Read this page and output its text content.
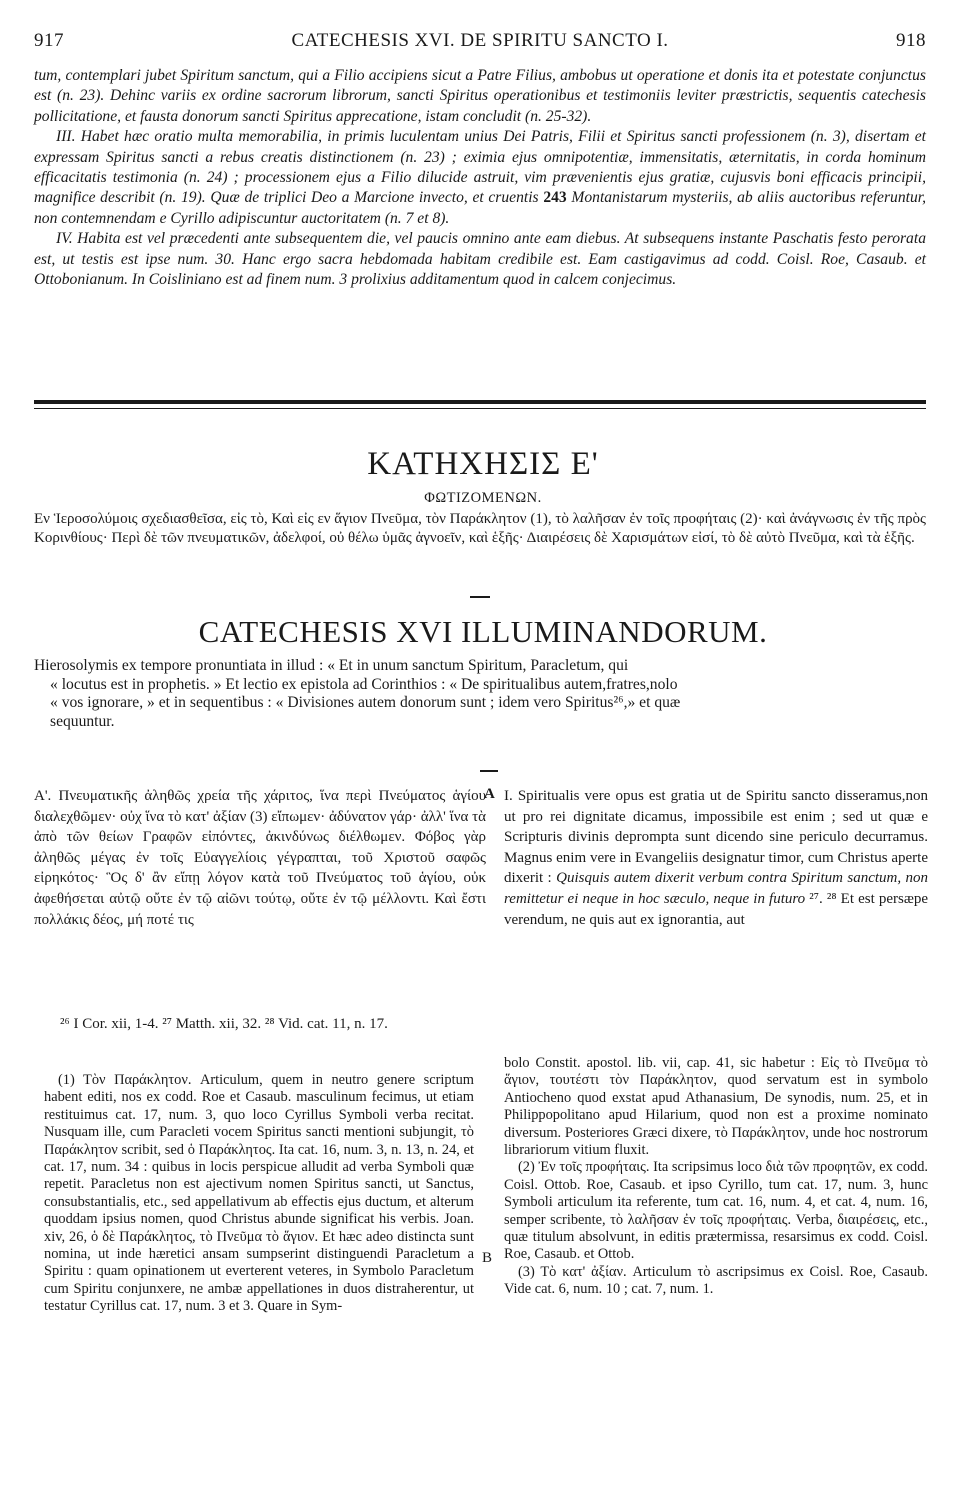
917	CATECHESIS XVI. DE SPIRITU SANCTO I.	918

tum, contemplari jubet Spiritum sanctum, qui a Filio accipiens sicut a Patre Filius, ambobus ut operatione et donis ita et potestate conjunctus est (n. 23). Dehinc variis ex ordine sacrorum librorum, sancti Spiritus operationibus et testimoniis leviter præstrictis, sequentis catechesis pollicitatione, et fausta donorum sancti Spiritus apprecatione, istam concludit (n. 25-32).

III. Habet hæc oratio multa memorabilia, in primis luculentam unius Dei Patris, Filii et Spiritus sancti professionem (n. 3), disertam et expressam Spiritus sancti a rebus creatis distinctionem (n. 23) ; eximia ejus omnipotentiæ, immensitatis, æternitatis, in corda hominum efficacitatis testimonia (n. 24) ; processionem ejus a Filio dilucide astruit, vim prævenientis ejus gratiæ, cujusvis boni efficacis principii, magnifice describit (n. 19). Quæ de triplici Deo a Marcione invecto, et cruentis 243 Montanistarum mysteriis, ab aliis auctoribus referuntur, non contemnendam e Cyrillo adipiscuntur auctoritatem (n. 7 et 8).

IV. Habita est vel præcedenti ante subsequentem die, vel paucis omnino ante eam diebus. At subsequens instante Paschatis festo perorata est, ut testis est ipse num. 30. Hanc ergo sacra hebdomada habitam credibile est. Eam castigavimus ad codd. Coisl. Roe, Casaub. et Ottobonianum. In Coisliniano est ad finem num. 3 prolixius additamentum quod in calcem conjecimus.

ΚΑΤΗΧΗΣΙΣ Ε'
ΦΩΤΙΖΟΜΕΝΩΝ.
Εν Ἱεροσολύμοις σχεδιασθεῖσα, εἰς τὸ, Καὶ εἰς εν ἅγιον Πνεῦμα, τὸν Παράκλητον (1), τὸ λαλῆσαν ἐν τοῖς προφήταις (2)· καὶ ἀνάγνωσις ἐν τῆς πρὸς Κορινθίους· Περὶ δὲ τῶν πνευματικῶν, ἀδελφοί, οὐ θέλω ὑμᾶς ἀγνοεῖν, καὶ ἑξῆς· Διαιρέσεις δὲ Χαρισμάτων εἰσί, τὸ δὲ αὐτὸ Πνεῦμα, καὶ τὰ ἑξῆς.
CATECHESIS XVI ILLUMINANDORUM.
Hierosolymis ex tempore pronuntiata in illud : « Et in unum sanctum Spiritum, Paracletum, qui
« locutus est in prophetis. » Et lectio ex epistola ad Corinthios : « De spiritualibus autem,fratres,nolo
« vos ignorare, » et in sequentibus : « Divisiones autem donorum sunt ; idem vero Spiritus²⁶,» et quæ
sequuntur.
Α'. Πνευματικῆς ἀληθῶς χρεία τῆς χάριτος, ἵνα περὶ Πνεύματος ἁγίου διαλεχθῶμεν· οὐχ ἵνα τὸ κατ' ἀξίαν (3) εἴπωμεν· ἀδύνατον γάρ· ἀλλ' ἵνα τὰ ἀπὸ τῶν θείων Γραφῶν εἰπόντες, ἀκινδύνως διέλθωμεν. Φόβος γὰρ ἀληθῶς μέγας ἐν τοῖς Εὐαγγελίοις γέγραπται, τοῦ Χριστοῦ σαφῶς εἰρηκότος· Ὃς δ' ἂν εἴπῃ λόγον κατὰ τοῦ Πνεύματος τοῦ ἁγίου, οὐκ ἀφεθήσεται αὐτῷ οὔτε ἐν τῷ αἰῶνι τούτῳ, οὔτε ἐν τῷ μέλλοντι. Καὶ ἔστι πολλάκις δέος, μή ποτέ τις
A I. Spiritualis vere opus est gratia ut de Spiritu sancto disseramus,non ut pro rei dignitate dicamus, impossibile est enim ; sed ut quæ e Scripturis divinis deprompta sunt dicendo sine periculo decurramus. Magnus enim vere in Evangeliis designatur timor, cum Christus aperte dixerit : Quisquis autem dixerit verbum contra Spiritum sanctum, non remittetur ei neque in hoc sæculo, neque in futuro ²⁷. ²⁸ Et est persæpe verendum, ne quis aut ex ignorantia, aut
²⁶ I Cor. xii, 1-4. ²⁷ Matth. xii, 32. ²⁸ Vid. cat. 11, n. 17.

(1) Τὸν Παράκλητον. Articulum, quem in neutro genere scriptum habent editi, nos ex codd. Roe et Casaub. masculinum fecimus, ut etiam restituimus cat. 17, num. 3, quo loco Cyrillus Symboli verba recitat. Nusquam ille, cum Paracleti vocem Spiritus sancti mentioni subjungit, τὸ Παράκλητον scribit, sed ὁ Παράκλητος. Ita cat. 16, num. 3, n. 13, n. 24, et cat. 17, num. 34 : quibus in locis perspicue alludit ad verba Symboli quæ repetit. Paracletus non est ajectivum nomen Spiritus sancti, ut Sanctus, consubstantialis, etc., sed appellativum ab effectis ejus ductum, et alterum quoddam ipsius nomen, quod Christus abunde significat his verbis. Joan. xiv, 26, ὁ δὲ Παράκλητος, τὸ Πνεῦμα τὸ ἅγιον. Et hæc adeo distincta sunt nomina, ut inde hæretici ansam sumpserint distinguendi Paracletum a Spiritu : quam opinationem ut everterent veteres, in Symbolo Paracletum cum Spiritu conjunxere, ne ambæ appellationes in duos distraherentur, ut testatur Cyrillus cat. 17, num. 3 et 3. Quare in Sym-

B

bolo Constit. apostol. lib. vii, cap. 41, sic habetur : Εἰς τὸ Πνεῦμα τὸ ἅγιον, τουτέστι τὸν Παράκλητον, quod servatum est in symbolo Antiocheno quod exstat apud Athanasium, De synodis, num. 25, et in Philippopolitano apud Hilarium, quod non est a proxime nominato diversum. Posteriores Græci dixere, τὸ Παράκλητον, unde hoc nostrorum librariorum vitium fluxit.

(2) Ἐν τοῖς προφήταις. Ita scripsimus loco διὰ τῶν προφητῶν, ex codd. Coisl. Ottob. Roe, Casaub. et ipso Cyrillo, tum cat. 17, num. 3, hunc Symboli articulum ita referente, tum cat. 16, num. 4, et cat. 4, num. 16, semper scribente, τὸ λαλῆσαν ἐν τοῖς προφήταις. Verba, διαιρέσεις, etc., quæ titulum absolvunt, in editis prætermissa, resarsimus ex codd. Coisl. Roe, Casaub. et Ottob.

(3) Τὸ κατ' ἀξίαν. Articulum τὸ ascripsimus ex Coisl. Roe, Casaub. Vide cat. 6, num. 10 ; cat. 7, num. 1.
